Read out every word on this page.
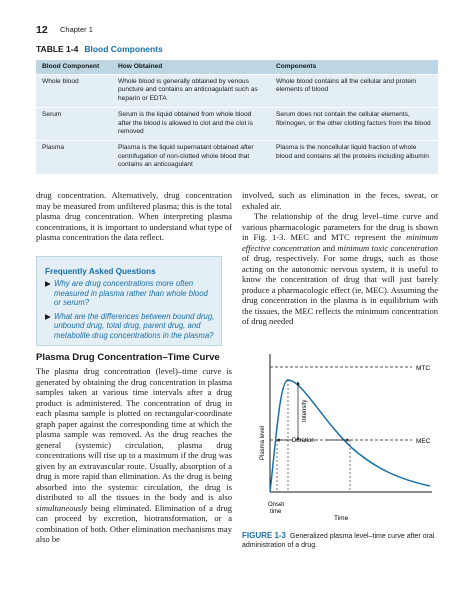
12 Chapter 1
TABLE 1-4 Blood Components
Blood Component	How Obtained	Components
Whole blood	Whole blood is generally obtained by venous puncture and contains an anticoagulant such as heparin or EDTA	Whole blood contains all the cellular and protein elements of blood
Serum	Serum is the liquid obtained from whole blood after the blood is allowed to clot and the clot is removed	Serum does not contain the cellular elements, fibrinogen, or the other clotting factors from the blood
Plasma	Plasma is the liquid supernatant obtained after centrifugation of non-clotted whole blood that contains an anticoagulant	Plasma is the noncellular liquid fraction of whole blood and contains all the proteins including albumin

drug concentration. Alternatively, drug concentration may be measured from unfiltered plasma; this is the total plasma drug concentration. When interpreting plasma concentrations, it is important to understand what type of plasma concentration the data reflect.

Frequently Asked Questions
▶ Why are drug concentrations more often measured in plasma rather than whole blood or serum?
▶ What are the differences between bound drug, unbound drug, total drug, parent drug, and metabolite drug concentrations in the plasma?
Plasma Drug Concentration–Time Curve

The plasma drug concentration (level)–time curve is generated by obtaining the drug concentration in plasma samples taken at various time intervals after a drug product is administered. The concentration of drug in each plasma sample is plotted on rectangular-coordinate graph paper against the corresponding time at which the plasma sample was removed. As the drug reaches the general (systemic) circulation, plasma drug concentrations will rise up to a maximum if the drug was given by an extravascular route. Usually, absorption of a drug is more rapid than elimination. As the drug is being absorbed into the systemic circulation, the drug is distributed to all the tissues in the body and is also simultaneously being eliminated. Elimination of a drug can proceed by excretion, biotransformation, or a combination of both. Other elimination mechanisms may also be

involved, such as elimination in the feces, sweat, or exhaled air.

The relationship of the drug level–time curve and various pharmacologic parameters for the drug is shown in Fig. 1-3. MEC and MTC represent the minimum effective concentration and minimum toxic concentration of drug, respectively. For some drugs, such as those acting on the autonomic nervous system, it is useful to know the concentration of drug that will just barely produce a pharmacologic effect (ie, MEC). Assuming the drug concentration in the plasma is in equilibrium with the tissues, the MEC reflects the minimum concentration of drug needed

MTC
MEC
Intensity
Duration
Plasma level
Onset
time
Time
FIGURE 1-3 Generalized plasma level–time curve after oral administration of a drug.
